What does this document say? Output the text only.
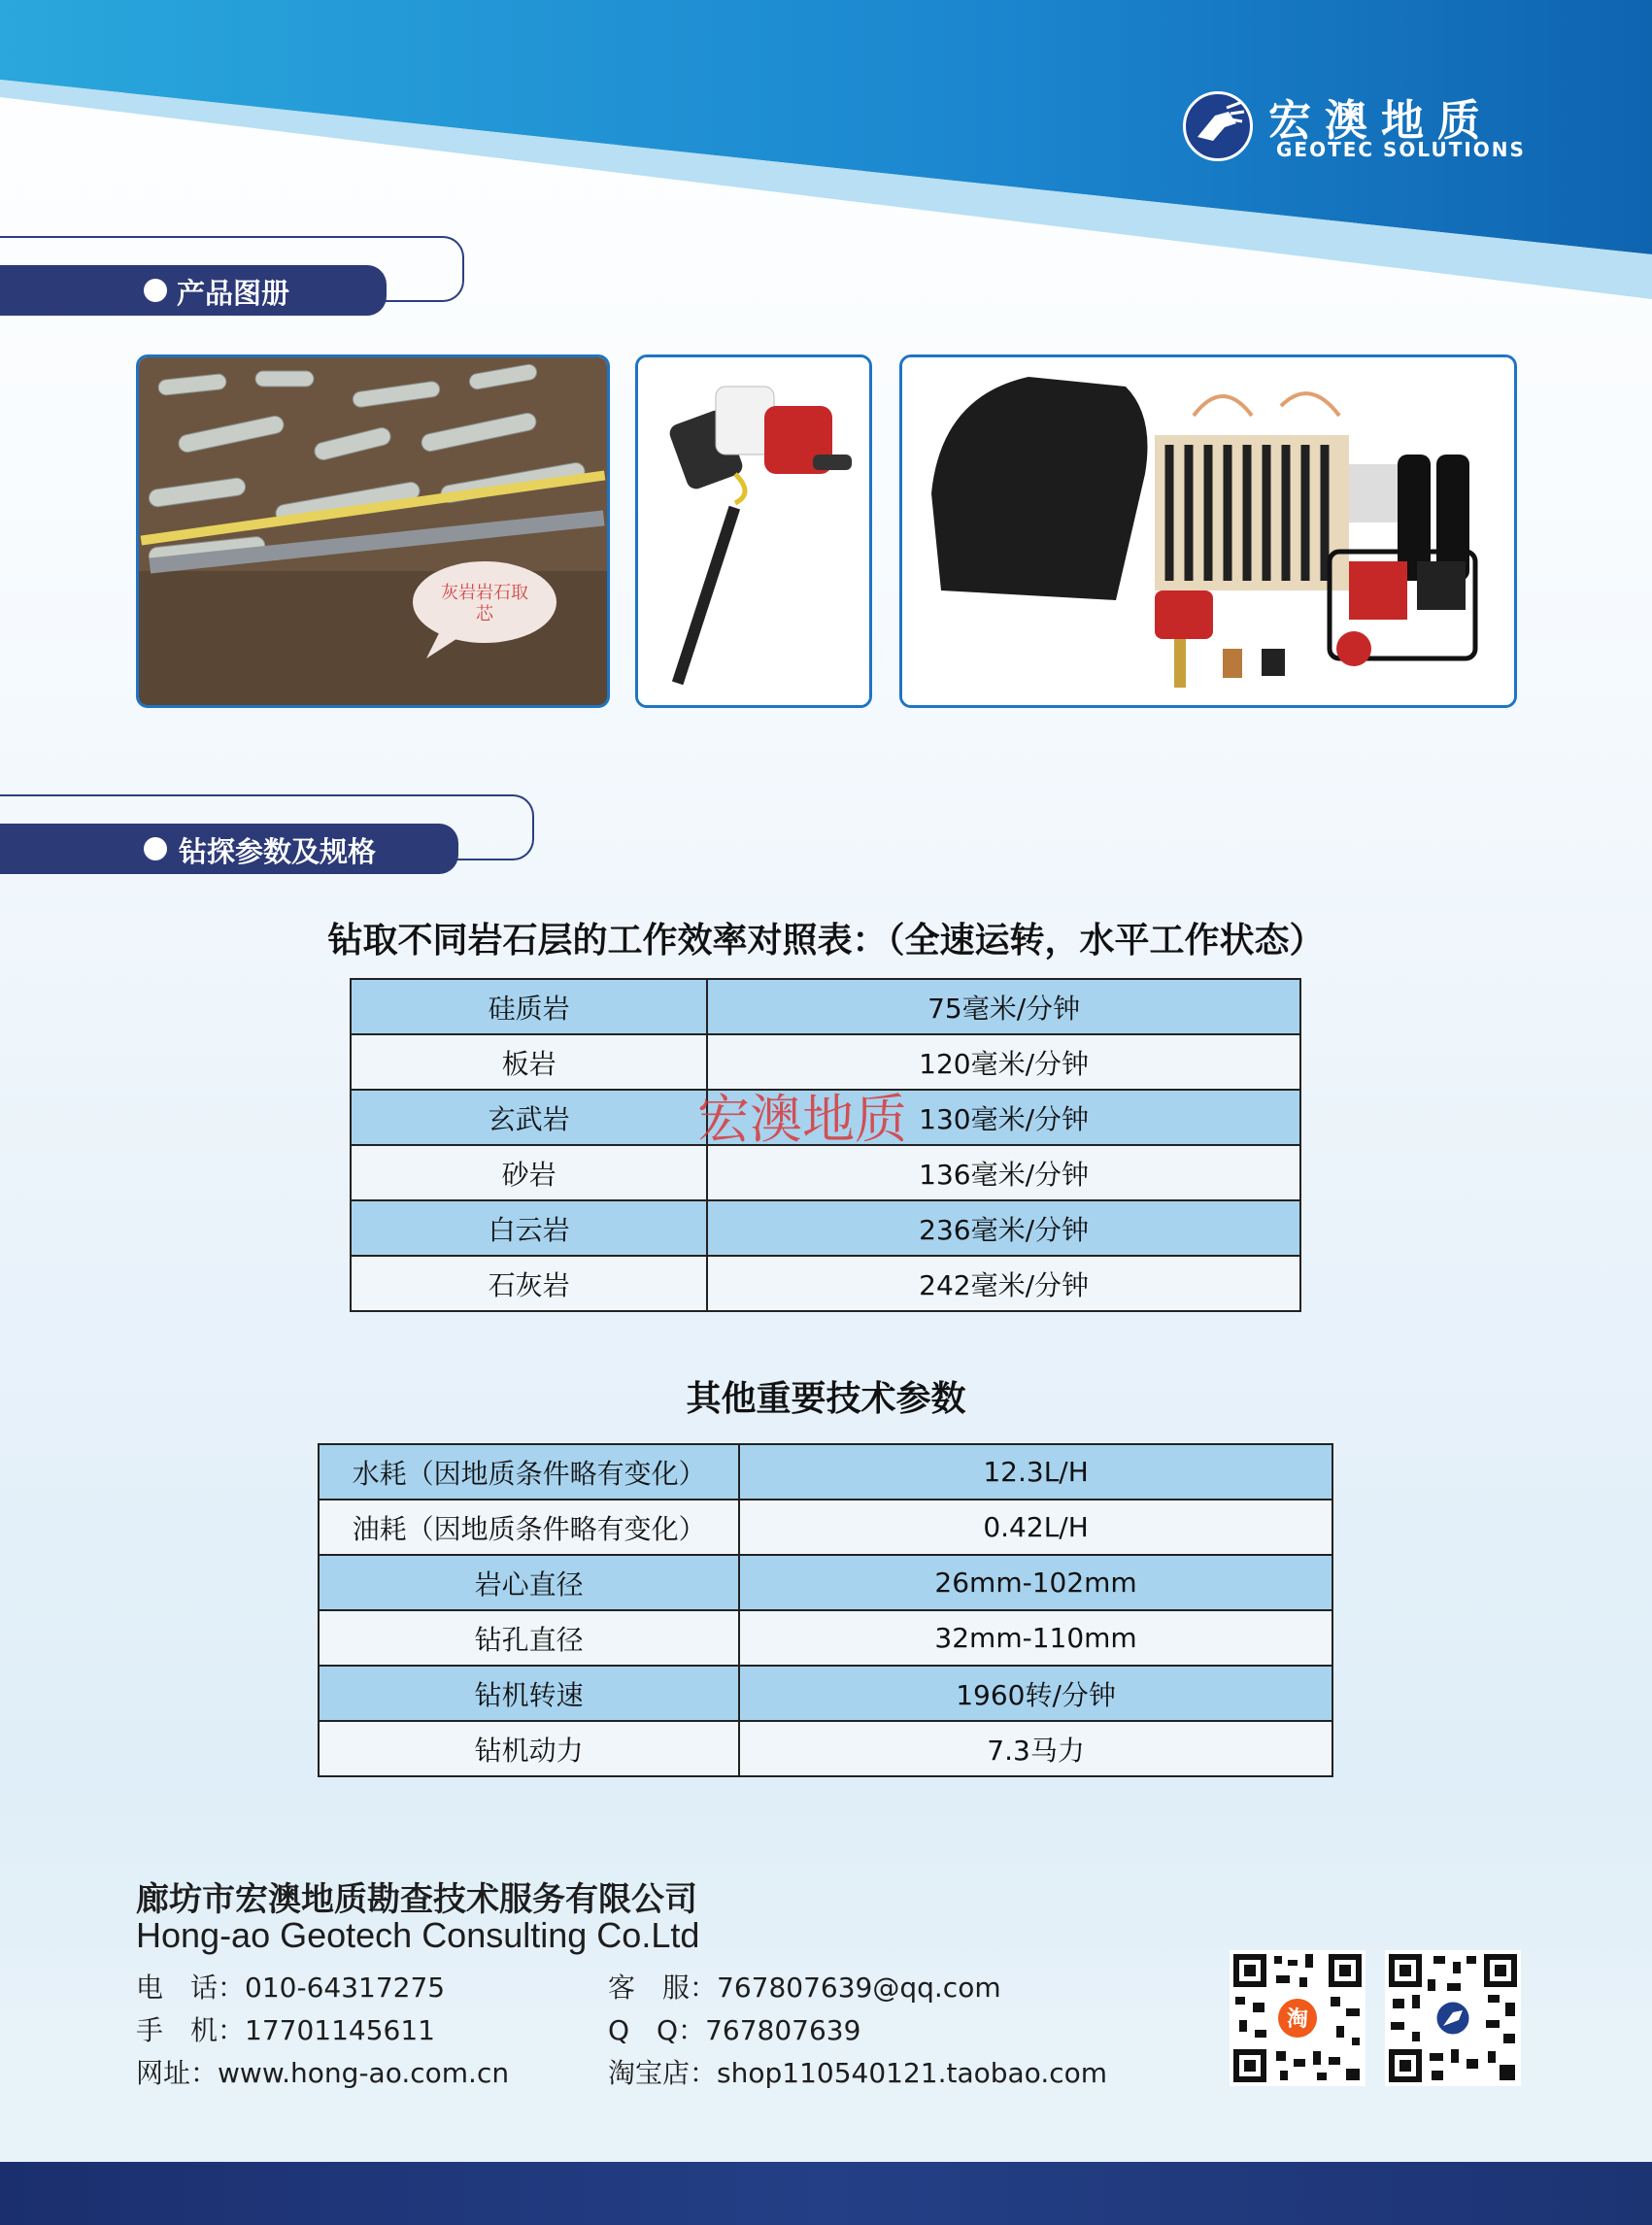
宏澳地质
GEOTEC SOLUTIONS
产品图册
灰岩岩石取芯
钻探参数及规格
钻取不同岩石层的工作效率对照表：（全速运转，水平工作状态）
硅质岩	75毫米/分钟
板岩	120毫米/分钟
玄武岩	130毫米/分钟
砂岩	136毫米/分钟
白云岩	236毫米/分钟
石灰岩	242毫米/分钟
宏澳地质
其他重要技术参数
水耗（因地质条件略有变化）	12.3L/H
油耗（因地质条件略有变化）	0.42L/H
岩心直径	26mm-102mm
钻孔直径	32mm-110mm
钻机转速	1960转/分钟
钻机动力	7.3马力
廊坊市宏澳地质勘查技术服务有限公司
Hong-ao Geotech Consulting Co.Ltd
电　话：010-64317275
手　机：17701145611
网址：www.hong-ao.com.cn
客　服：767807639@qq.com
Q　Q：767807639
淘宝店：shop110540121.taobao.com
淘
